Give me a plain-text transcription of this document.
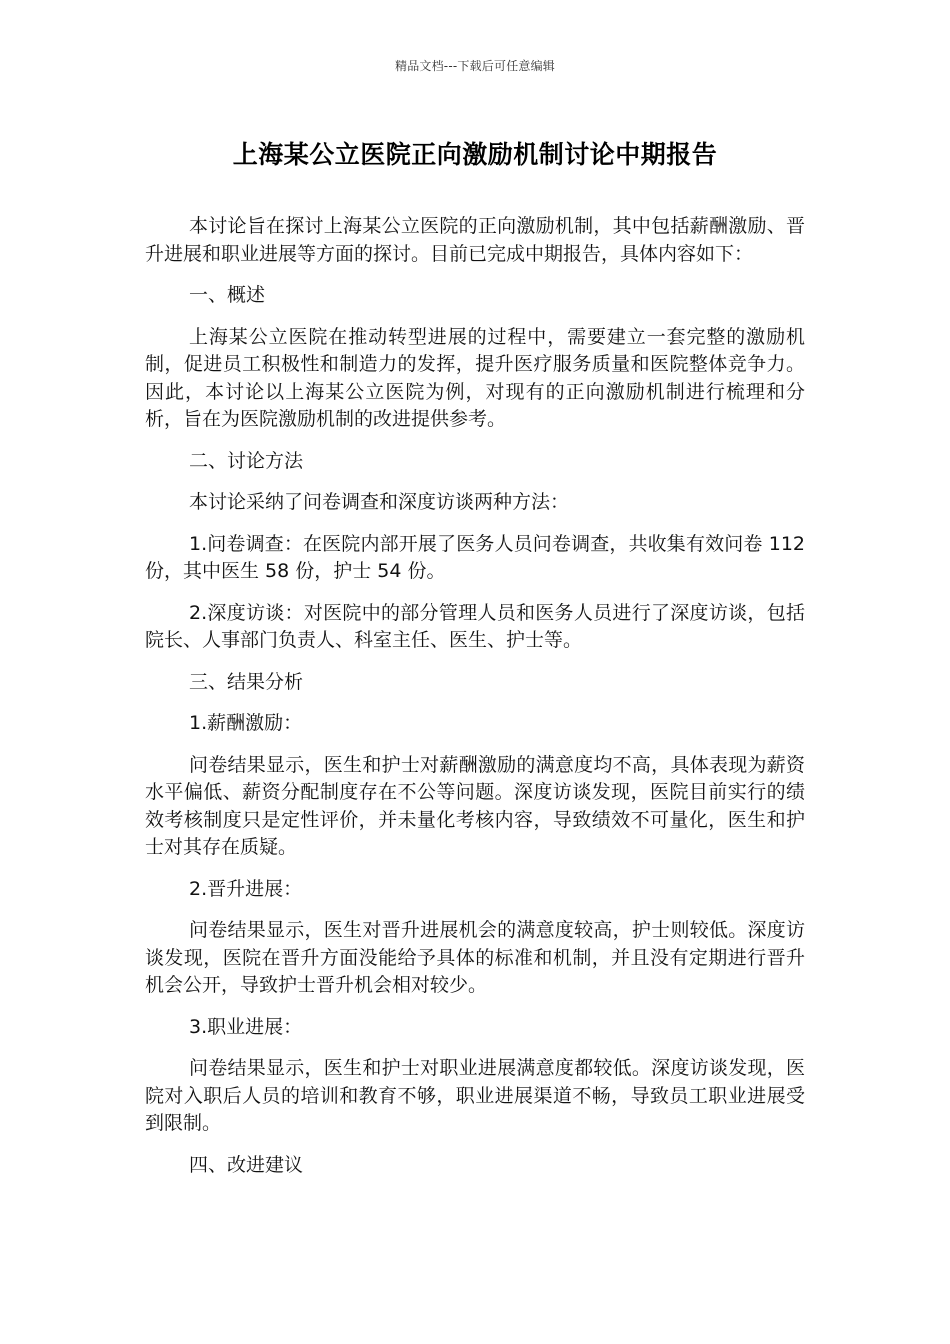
精品文档---下载后可任意编辑
上海某公立医院正向激励机制讨论中期报告

本讨论旨在探讨上海某公立医院的正向激励机制，其中包括薪酬激励、晋升进展和职业进展等方面的探讨。目前已完成中期报告，具体内容如下：

一、概述

上海某公立医院在推动转型进展的过程中，需要建立一套完整的激励机制，促进员工积极性和制造力的发挥，提升医疗服务质量和医院整体竞争力。因此，本讨论以上海某公立医院为例，对现有的正向激励机制进行梳理和分析，旨在为医院激励机制的改进提供参考。

二、讨论方法

本讨论采纳了问卷调查和深度访谈两种方法：

1.问卷调查：在医院内部开展了医务人员问卷调查，共收集有效问卷 112 份，其中医生 58 份，护士 54 份。

2.深度访谈：对医院中的部分管理人员和医务人员进行了深度访谈，包括院长、人事部门负责人、科室主任、医生、护士等。

三、结果分析

1.薪酬激励：

问卷结果显示，医生和护士对薪酬激励的满意度均不高，具体表现为薪资水平偏低、薪资分配制度存在不公等问题。深度访谈发现，医院目前实行的绩效考核制度只是定性评价，并未量化考核内容，导致绩效不可量化，医生和护士对其存在质疑。

2.晋升进展：

问卷结果显示，医生对晋升进展机会的满意度较高，护士则较低。深度访谈发现，医院在晋升方面没能给予具体的标准和机制，并且没有定期进行晋升机会公开，导致护士晋升机会相对较少。

3.职业进展：

问卷结果显示，医生和护士对职业进展满意度都较低。深度访谈发现，医院对入职后人员的培训和教育不够，职业进展渠道不畅，导致员工职业进展受到限制。

四、改进建议
